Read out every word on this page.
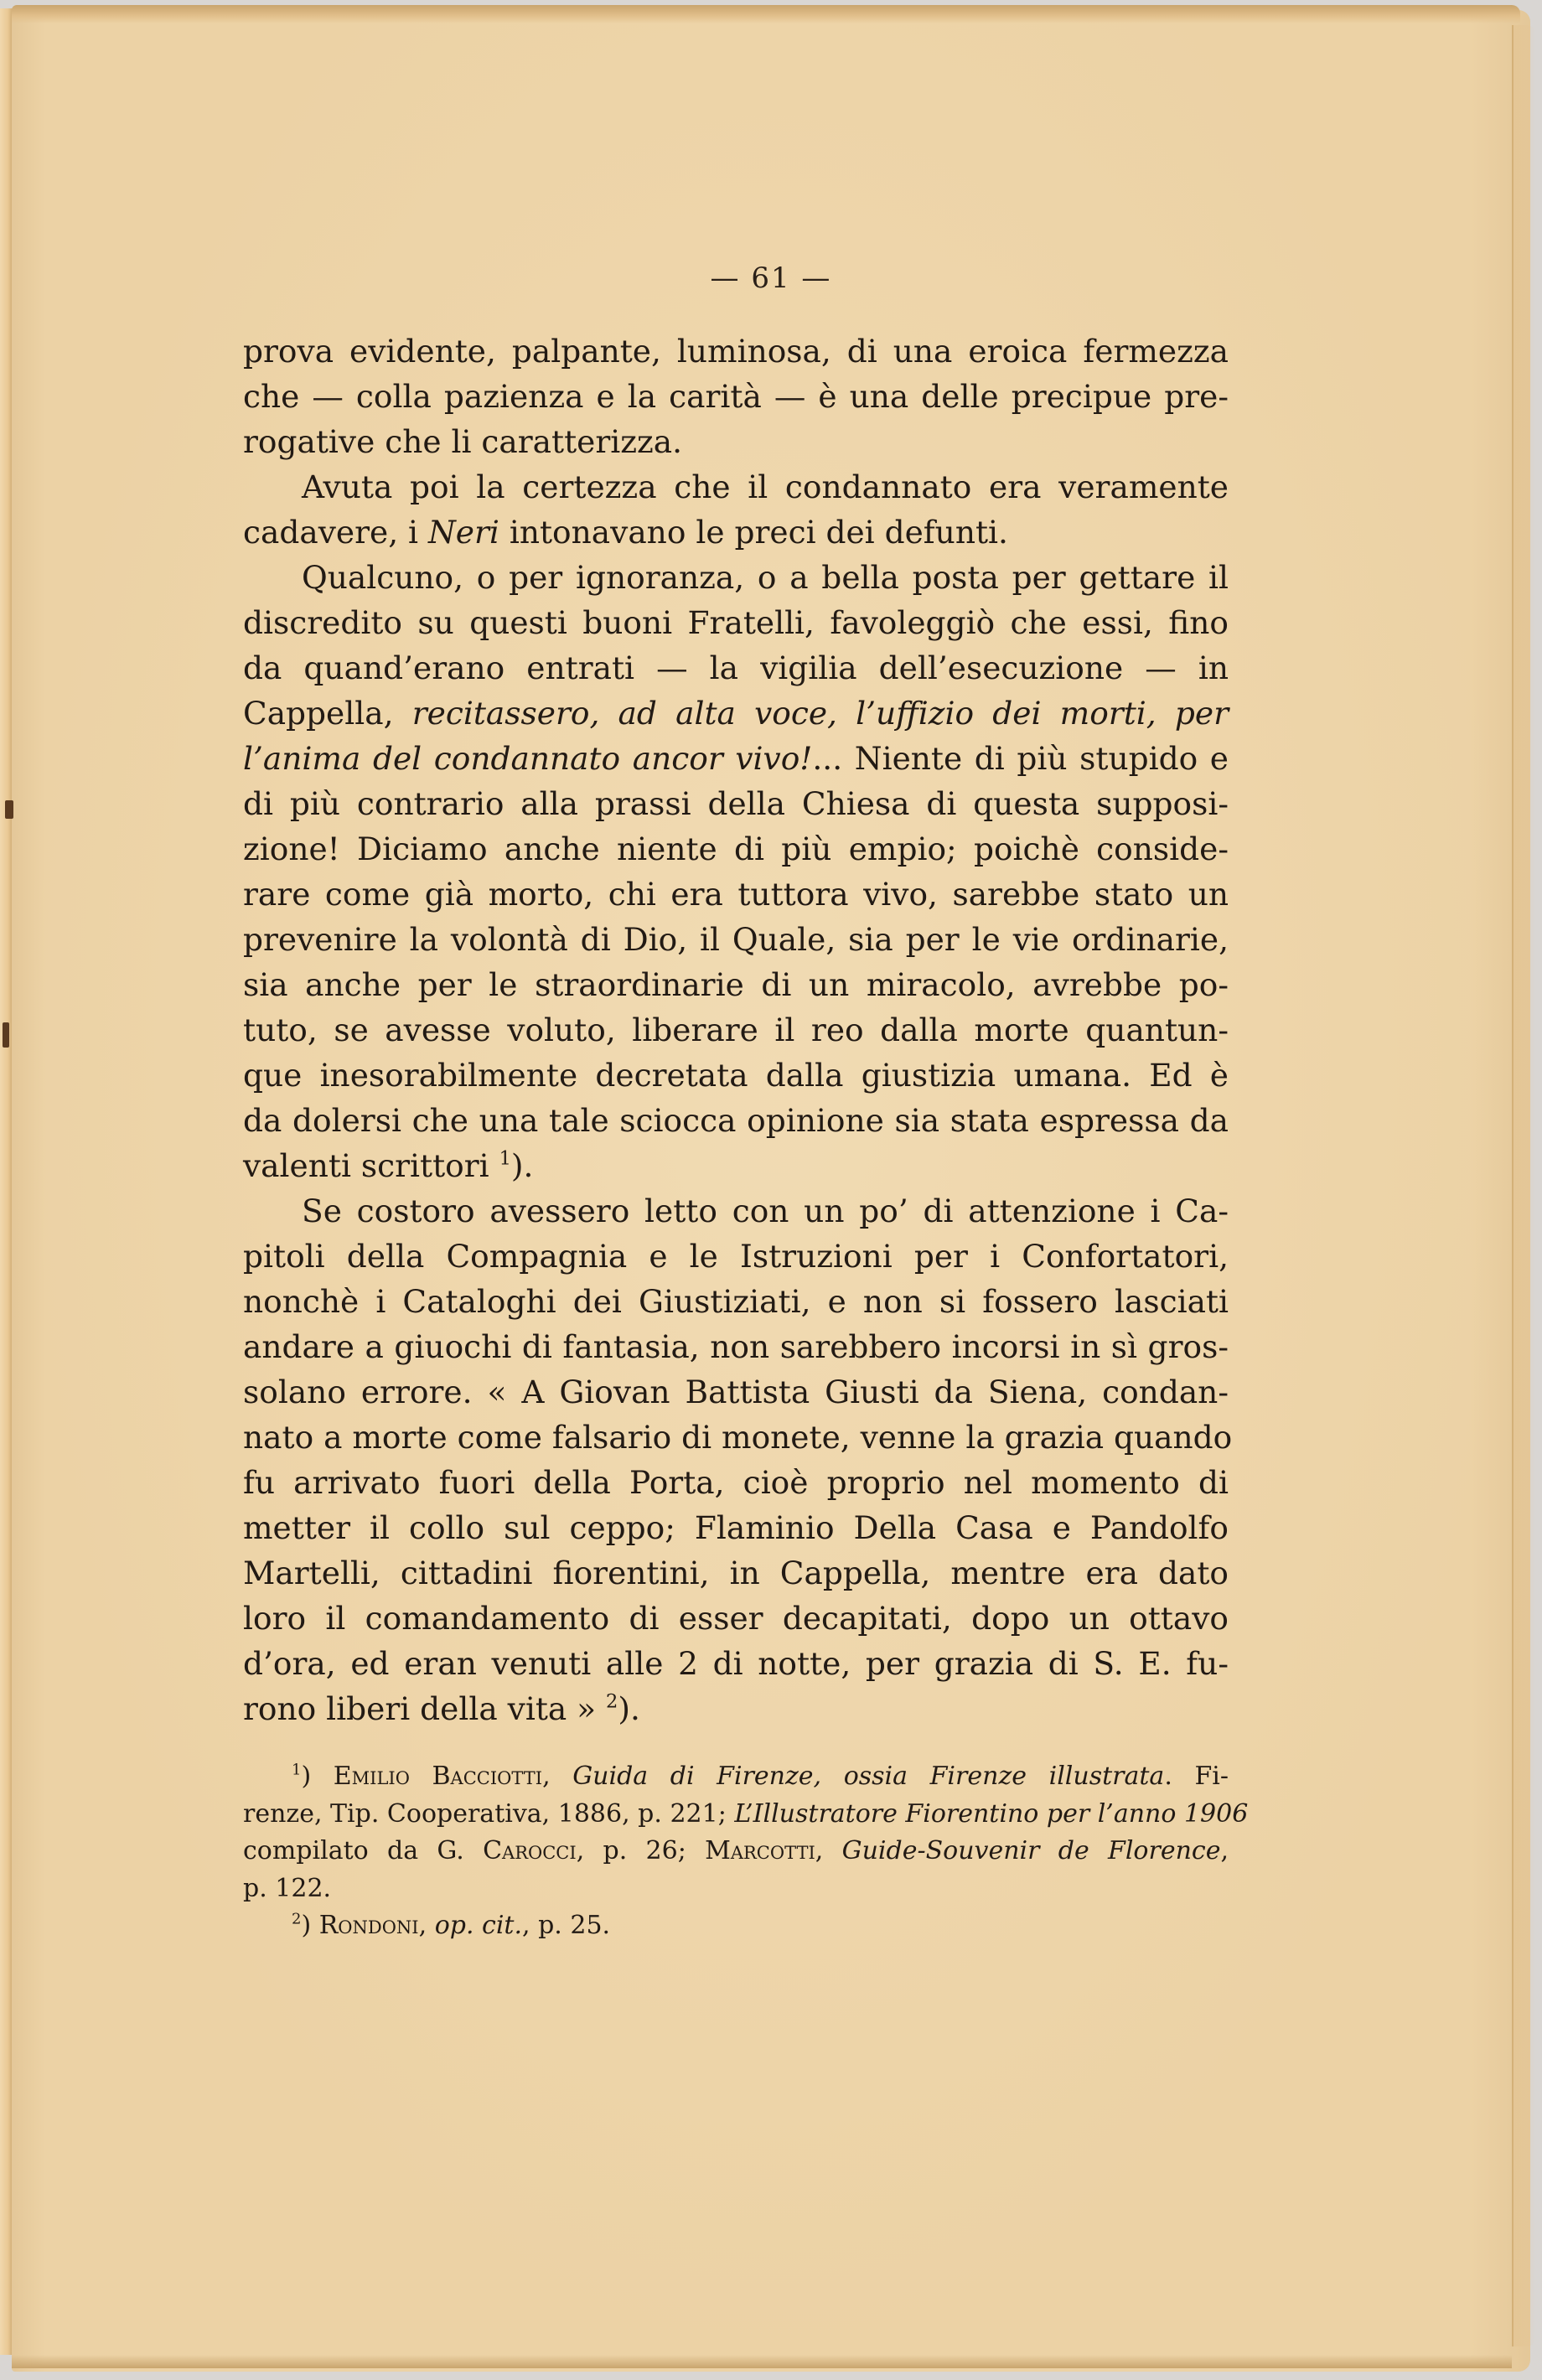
— 61 —
prova evidente, palpante, luminosa, di una eroica fermezza
che — colla pazienza e la carità — è una delle precipue pre-
rogative che li caratterizza.
Avuta poi la certezza che il condannato era veramente
cadavere, i Neri intonavano le preci dei defunti.
Qualcuno, o per ignoranza, o a bella posta per gettare il
discredito su questi buoni Fratelli, favoleggiò che essi, fino
da quand’erano entrati — la vigilia dell’esecuzione — in
Cappella, recitassero, ad alta voce, l’uffizio dei morti, per
l’anima del condannato ancor vivo!... Niente di più stupido e
di più contrario alla prassi della Chiesa di questa supposi-
zione! Diciamo anche niente di più empio; poichè conside-
rare come già morto, chi era tuttora vivo, sarebbe stato un
prevenire la volontà di Dio, il Quale, sia per le vie ordinarie,
sia anche per le straordinarie di un miracolo, avrebbe po-
tuto, se avesse voluto, liberare il reo dalla morte quantun-
que inesorabilmente decretata dalla giustizia umana. Ed è
da dolersi che una tale sciocca opinione sia stata espressa da
valenti scrittori $^1$).
Se costoro avessero letto con un po’ di attenzione i Ca-
pitoli della Compagnia e le Istruzioni per i Confortatori,
nonchè i Cataloghi dei Giustiziati, e non si fossero lasciati
andare a giuochi di fantasia, non sarebbero incorsi in sì gros-
solano errore. « A Giovan Battista Giusti da Siena, condan-
nato a morte come falsario di monete, venne la grazia quando
fu arrivato fuori della Porta, cioè proprio nel momento di
metter il collo sul ceppo; Flaminio Della Casa e Pandolfo
Martelli, cittadini fiorentini, in Cappella, mentre era dato
loro il comandamento di esser decapitati, dopo un ottavo
d’ora, ed eran venuti alle 2 di notte, per grazia di S. E. fu-
rono liberi della vita » $^2$).
$^1$) Emilio Bacciotti, Guida di Firenze, ossia Firenze illustrata. Fi-
renze, Tip. Cooperativa, 1886, p. 221; L’Illustratore Fiorentino per l’anno 1906
compilato da G. Carocci, p. 26; Marcotti, Guide-Souvenir de Florence,
p. 122.
$^2$) Rondoni, op. cit., p. 25.
